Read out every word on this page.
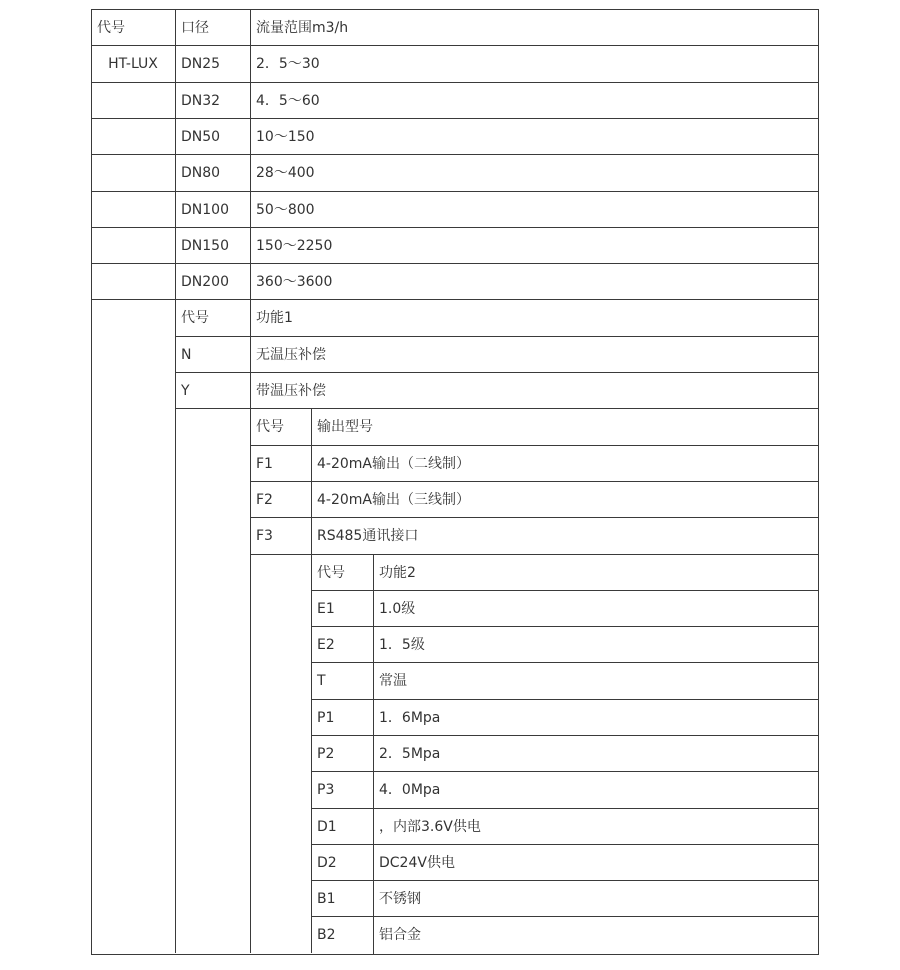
代号	口径	流量范围m3/h
HT-LUX	DN25	2．5～30
DN32	4．5～60
DN50	10～150
DN80	28～400
DN100 50～800
DN150 150～2250
DN200 360～3600
代号	功能1
N	无温压补偿
Y	带温压补偿
代号 输出型号
F1	4-20mA输出（二线制）
F2	4-20mA输出（三线制）
F3	RS485通讯接口
代号 功能2
E1	1.0级
E2	1．5级
T	常温
P1	1．6Mpa
P2	2．5Mpa
P3	4．0Mpa
D1	，内部3.6V供电
D2	DC24V供电
B1	不锈钢
B2	铝合金
